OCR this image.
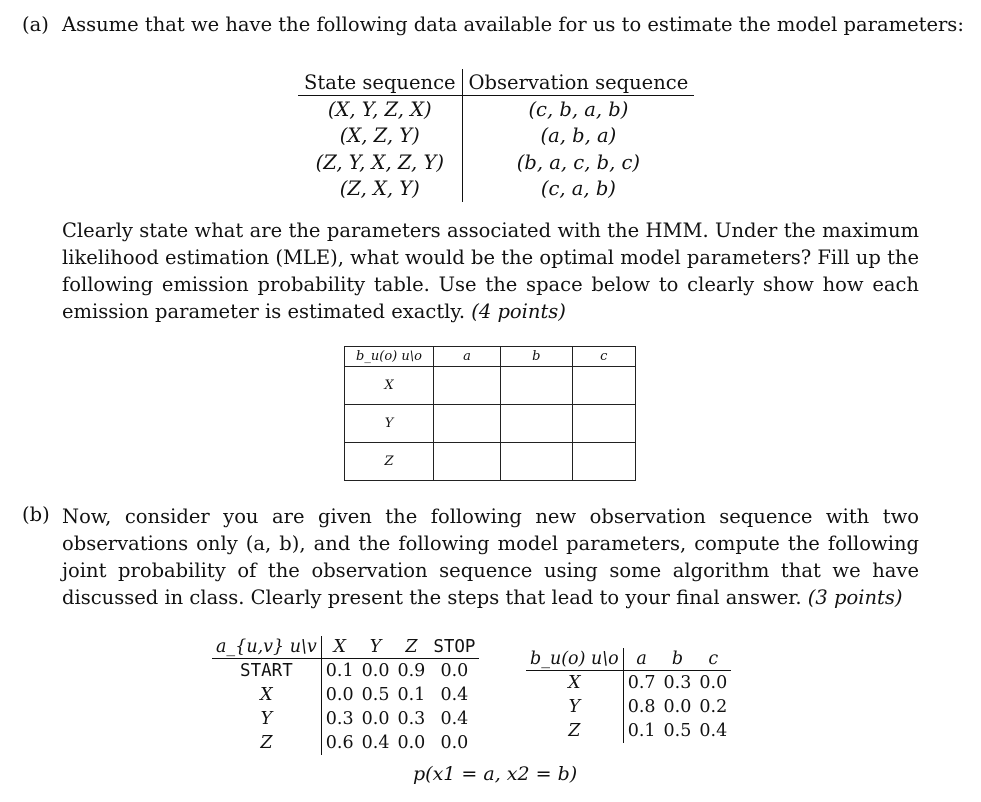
(a) Assume that we have the following data available for us to estimate the model parameters:
State sequence	Observation sequence
(X, Y, Z, X)	(c, b, a, b)
(X, Z, Y)	(a, b, a)
(Z, Y, X, Z, Y)	(b, a, c, b, c)
(Z, X, Y)	(c, a, b)
Clearly state what are the parameters associated with the HMM. Under the maximum likelihood estimation (MLE), what would be the optimal model parameters? Fill up the following emission probability table. Use the space below to clearly show how each emission parameter is estimated exactly. (4 points)
b_u(o) u\o	a	b	c
X			
Y			
Z			
(b) Now, consider you are given the following new observation sequence with two observations only (a, b), and the following model parameters, compute the following joint probability of the observation sequence using some algorithm that we have discussed in class. Clearly present the steps that lead to your final answer. (3 points)
a_{u,v} u\v	X	Y	Z	STOP
START	0.1	0.0	0.9	0.0
X	0.0	0.5	0.1	0.4
Y	0.3	0.0	0.3	0.4
Z	0.6	0.4	0.0	0.0
b_u(o) u\o	a	b	c
X	0.7	0.3	0.0
Y	0.8	0.0	0.2
Z	0.1	0.5	0.4
p(x1 = a, x2 = b)
